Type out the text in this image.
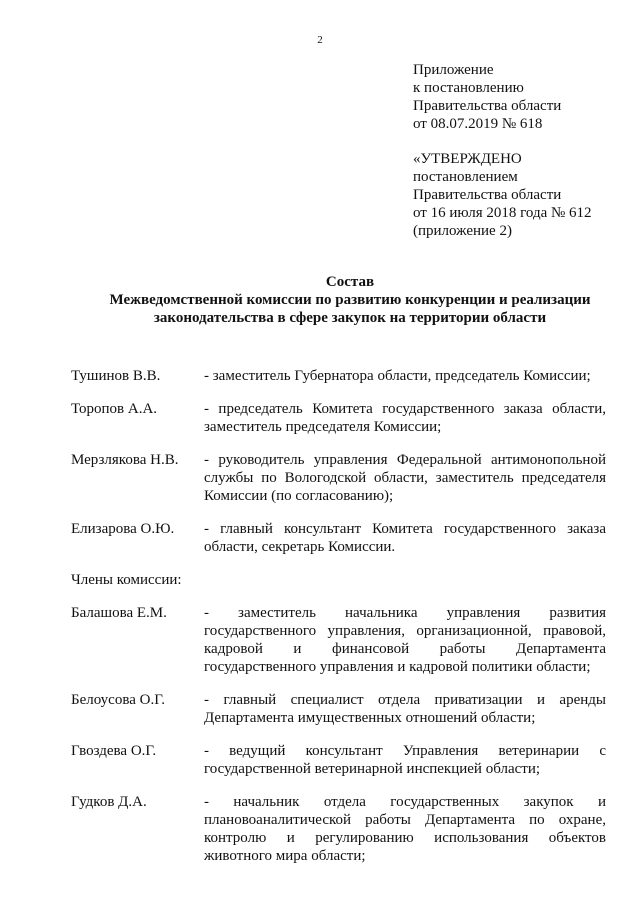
2
Приложение
к постановлению
Правительства области
от 08.07.2019 № 618
«УТВЕРЖДЕНО
постановлением
Правительства области
от 16 июля 2018 года № 612
(приложение 2)
Состав
Межведомственной комиссии по развитию конкуренции и реализации
законодательства в сфере закупок на территории области
Тушинов В.В.	- заместитель Губернатора области, председатель Комиссии;
Торопов А.А.	- председатель Комитета государственного заказа области, заместитель председателя Комиссии;
Мерзлякова Н.В.	- руководитель управления Федеральной антимонопольной службы по Вологодской области, заместитель председателя Комиссии (по согласованию);
Елизарова О.Ю.	- главный консультант Комитета государственного заказа области, секретарь Комиссии.
Члены комиссии:
Балашова Е.М.	- заместитель начальника управления развития государственного управления, организационной, правовой, кадровой и финансовой работы Департамента государственного управления и кадровой политики области;
Белоусова О.Г.	- главный специалист отдела приватизации и аренды Департамента имущественных отношений области;
Гвоздева О.Г.	- ведущий консультант Управления ветеринарии с государственной ветеринарной инспекцией области;
Гудков Д.А.	- начальник отдела государственных закупок и плановоаналитической работы Департамента по охране, контролю и регулированию использования объектов животного мира области;
